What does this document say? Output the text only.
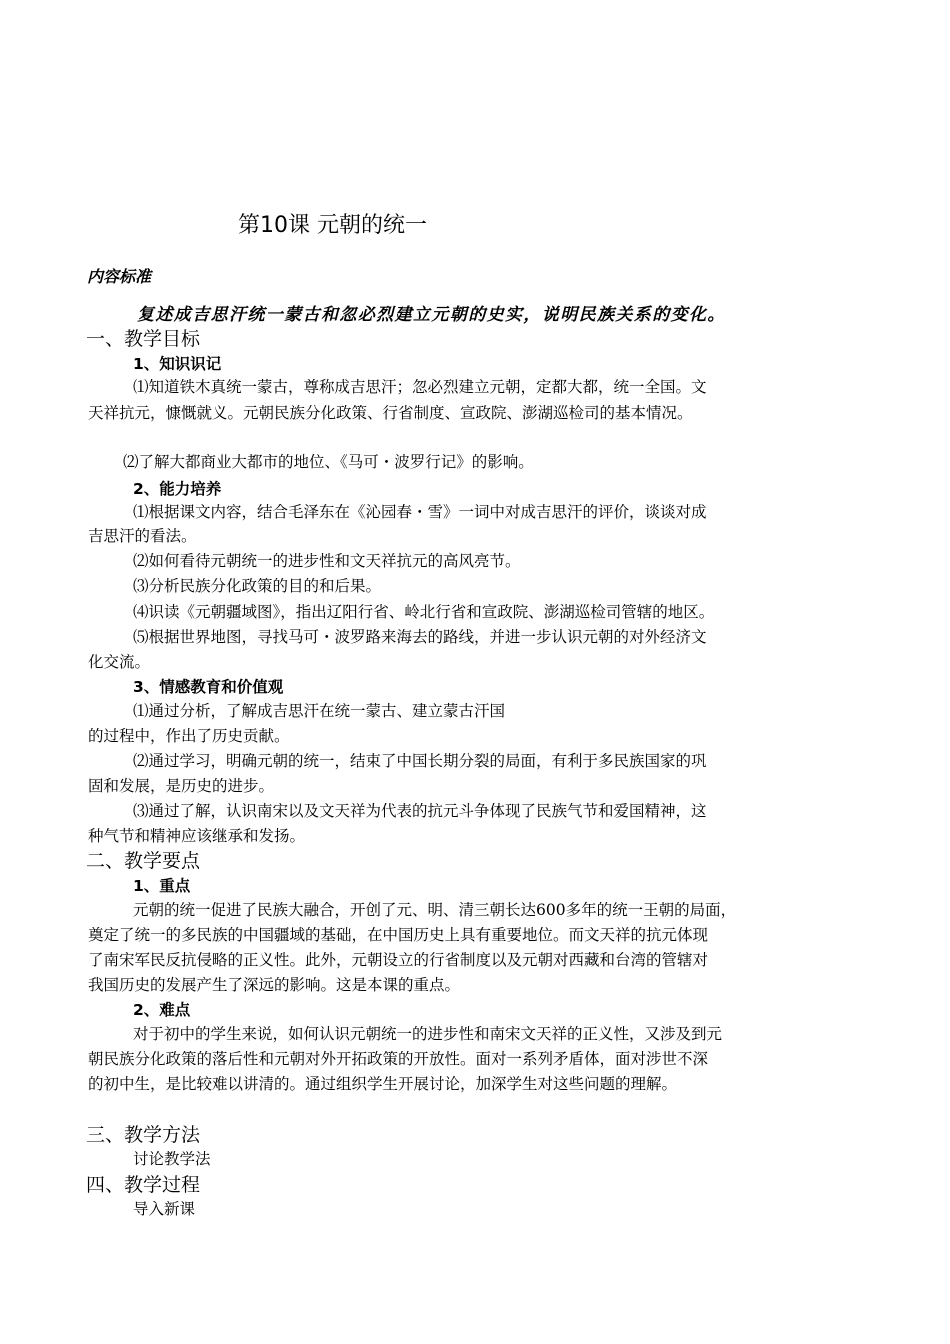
第10课 元朝的统一
内容标准
复述成吉思汗统一蒙古和忽必烈建立元朝的史实，说明民族关系的变化。
一、教学目标
1、知识识记
⑴知道铁木真统一蒙古，尊称成吉思汗；忽必烈建立元朝，定都大都，统一全国。文
天祥抗元，慷慨就义。元朝民族分化政策、行省制度、宣政院、澎湖巡检司的基本情况。
⑵了解大都商业大都市的地位、《马可・波罗行记》的影响。
2、能力培养
⑴根据课文内容，结合毛泽东在《沁园春・雪》一词中对成吉思汗的评价，谈谈对成
吉思汗的看法。
⑵如何看待元朝统一的进步性和文天祥抗元的高风亮节。
⑶分析民族分化政策的目的和后果。
⑷识读《元朝疆域图》，指出辽阳行省、岭北行省和宣政院、澎湖巡检司管辖的地区。
⑸根据世界地图，寻找马可・波罗路来海去的路线，并进一步认识元朝的对外经济文
化交流。
3、情感教育和价值观
⑴通过分析，了解成吉思汗在统一蒙古、建立蒙古汗国
的过程中，作出了历史贡献。
⑵通过学习，明确元朝的统一，结束了中国长期分裂的局面，有利于多民族国家的巩
固和发展，是历史的进步。
⑶通过了解，认识南宋以及文天祥为代表的抗元斗争体现了民族气节和爱国精神，这
种气节和精神应该继承和发扬。
二、教学要点
1、重点
元朝的统一促进了民族大融合，开创了元、明、清三朝长达600多年的统一王朝的局面，
奠定了统一的多民族的中国疆域的基础，在中国历史上具有重要地位。而文天祥的抗元体现
了南宋军民反抗侵略的正义性。此外，元朝设立的行省制度以及元朝对西藏和台湾的管辖对
我国历史的发展产生了深远的影响。这是本课的重点。
2、难点
对于初中的学生来说，如何认识元朝统一的进步性和南宋文天祥的正义性，又涉及到元
朝民族分化政策的落后性和元朝对外开拓政策的开放性。面对一系列矛盾体，面对涉世不深
的初中生，是比较难以讲清的。通过组织学生开展讨论，加深学生对这些问题的理解。
三、教学方法
讨论教学法
四、教学过程
导入新课
